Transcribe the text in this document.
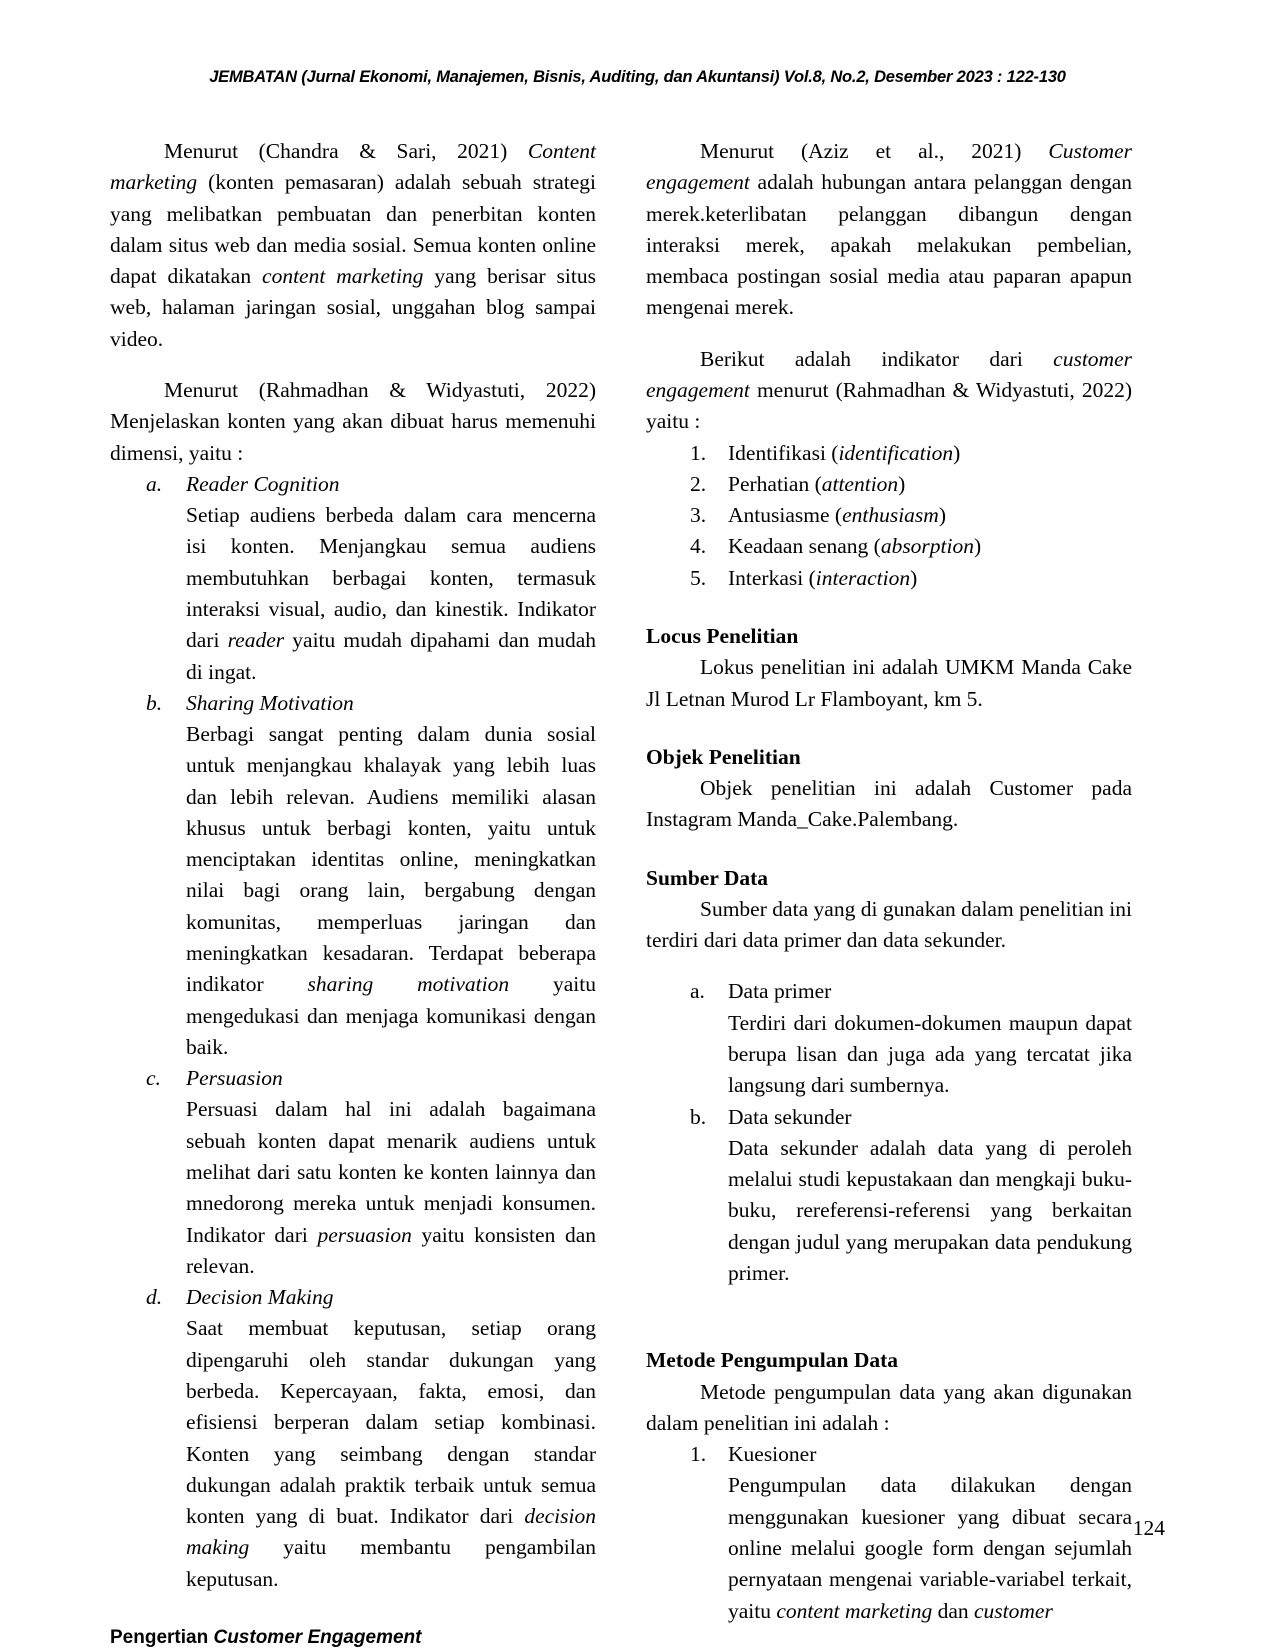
JEMBATAN (Jurnal Ekonomi, Manajemen, Bisnis, Auditing, dan Akuntansi) Vol.8, No.2, Desember 2023 : 122-130

Menurut (Chandra & Sari, 2021) Content marketing (konten pemasaran) adalah sebuah strategi yang melibatkan pembuatan dan penerbitan konten dalam situs web dan media sosial. Semua konten online dapat dikatakan content marketing yang berisar situs web, halaman jaringan sosial, unggahan blog sampai video.

Menurut (Rahmadhan & Widyastuti, 2022) Menjelaskan konten yang akan dibuat harus memenuhi dimensi, yaitu :

a. Reader Cognition
Setiap audiens berbeda dalam cara mencerna isi konten. Menjangkau semua audiens membutuhkan berbagai konten, termasuk interaksi visual, audio, dan kinestik. Indikator dari reader yaitu mudah dipahami dan mudah di ingat.
b. Sharing Motivation
Berbagi sangat penting dalam dunia sosial untuk menjangkau khalayak yang lebih luas dan lebih relevan. Audiens memiliki alasan khusus untuk berbagi konten, yaitu untuk menciptakan identitas online, meningkatkan nilai bagi orang lain, bergabung dengan komunitas, memperluas jaringan dan meningkatkan kesadaran. Terdapat beberapa indikator sharing motivation yaitu mengedukasi dan menjaga komunikasi dengan baik.
c. Persuasion
Persuasi dalam hal ini adalah bagaimana sebuah konten dapat menarik audiens untuk melihat dari satu konten ke konten lainnya dan mnedorong mereka untuk menjadi konsumen. Indikator dari persuasion yaitu konsisten dan relevan.
d. Decision Making
Saat membuat keputusan, setiap orang dipengaruhi oleh standar dukungan yang berbeda. Kepercayaan, fakta, emosi, dan efisiensi berperan dalam setiap kombinasi. Konten yang seimbang dengan standar dukungan adalah praktik terbaik untuk semua konten yang di buat. Indikator dari decision making yaitu membantu pengambilan keputusan.
Pengertian Customer Engagement

Menurut (Aziz et al., 2021) Customer engagement adalah hubungan antara pelanggan dengan merek.keterlibatan pelanggan dibangun dengan interaksi merek, apakah melakukan pembelian, membaca postingan sosial media atau paparan apapun mengenai merek.

Berikut adalah indikator dari customer engagement menurut (Rahmadhan & Widyastuti, 2022) yaitu :

1. Identifikasi (identification)
2. Perhatian (attention)
3. Antusiasme (enthusiasm)
4. Keadaan senang (absorption)
5. Interkasi (interaction)
Locus Penelitian

Lokus penelitian ini adalah UMKM Manda Cake Jl Letnan Murod Lr Flamboyant, km 5.

Objek Penelitian

Objek penelitian ini adalah Customer pada Instagram Manda_Cake.Palembang.

Sumber Data

Sumber data yang di gunakan dalam penelitian ini terdiri dari data primer dan data sekunder.

a. Data primer
Terdiri dari dokumen-dokumen maupun dapat berupa lisan dan juga ada yang tercatat jika langsung dari sumbernya.
b. Data sekunder
Data sekunder adalah data yang di peroleh melalui studi kepustakaan dan mengkaji buku-buku, rereferensi-referensi yang berkaitan dengan judul yang merupakan data pendukung primer.
Metode Pengumpulan Data

Metode pengumpulan data yang akan digunakan dalam penelitian ini adalah :

1. Kuesioner
Pengumpulan data dilakukan dengan menggunakan kuesioner yang dibuat secara online melalui google form dengan sejumlah pernyataan mengenai variable-variabel terkait, yaitu content marketing dan customer
124
